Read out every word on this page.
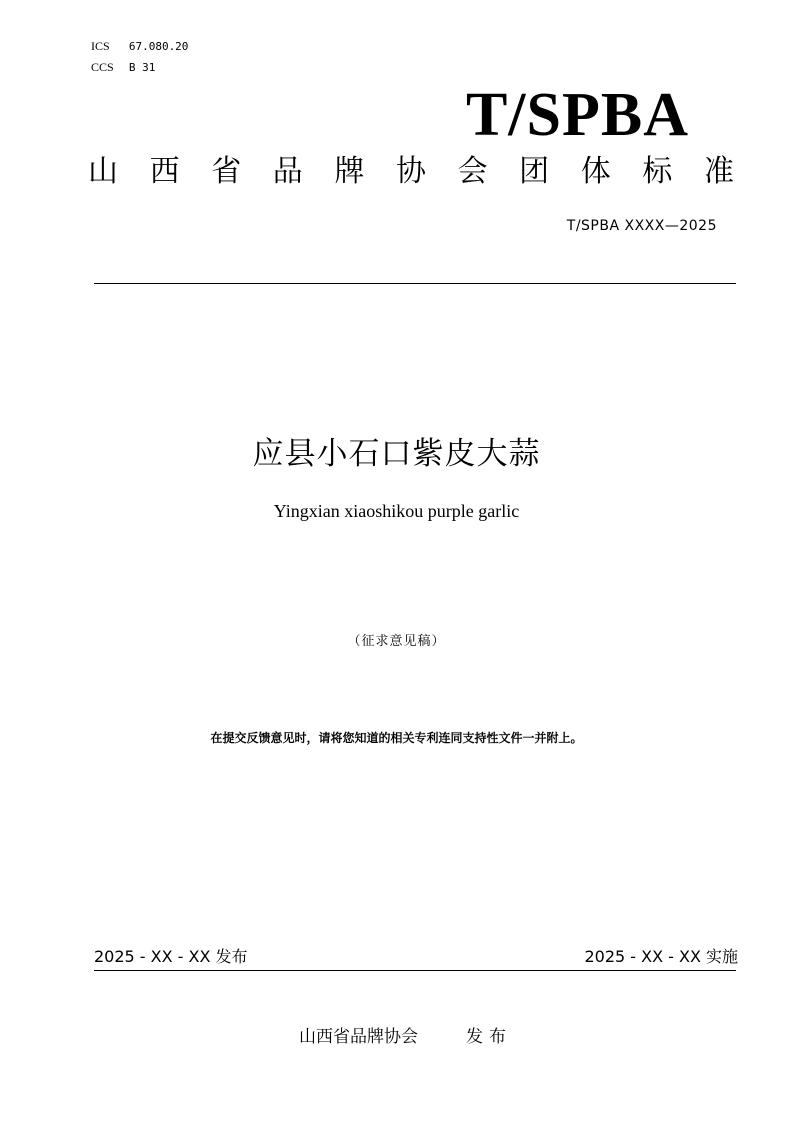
ICS 67.080.20
CCS B 31
T/SPBA
山 西 省 品 牌 协 会 团 体 标 准
T/SPBA XXXX—2025
应县小石口紫皮大蒜
Yingxian xiaoshikou purple garlic
（征求意见稿）
在提交反馈意见时，请将您知道的相关专利连同支持性文件一并附上。
2025 - XX - XX 发布	2025 - XX - XX 实施
山西省品牌协会	发布
